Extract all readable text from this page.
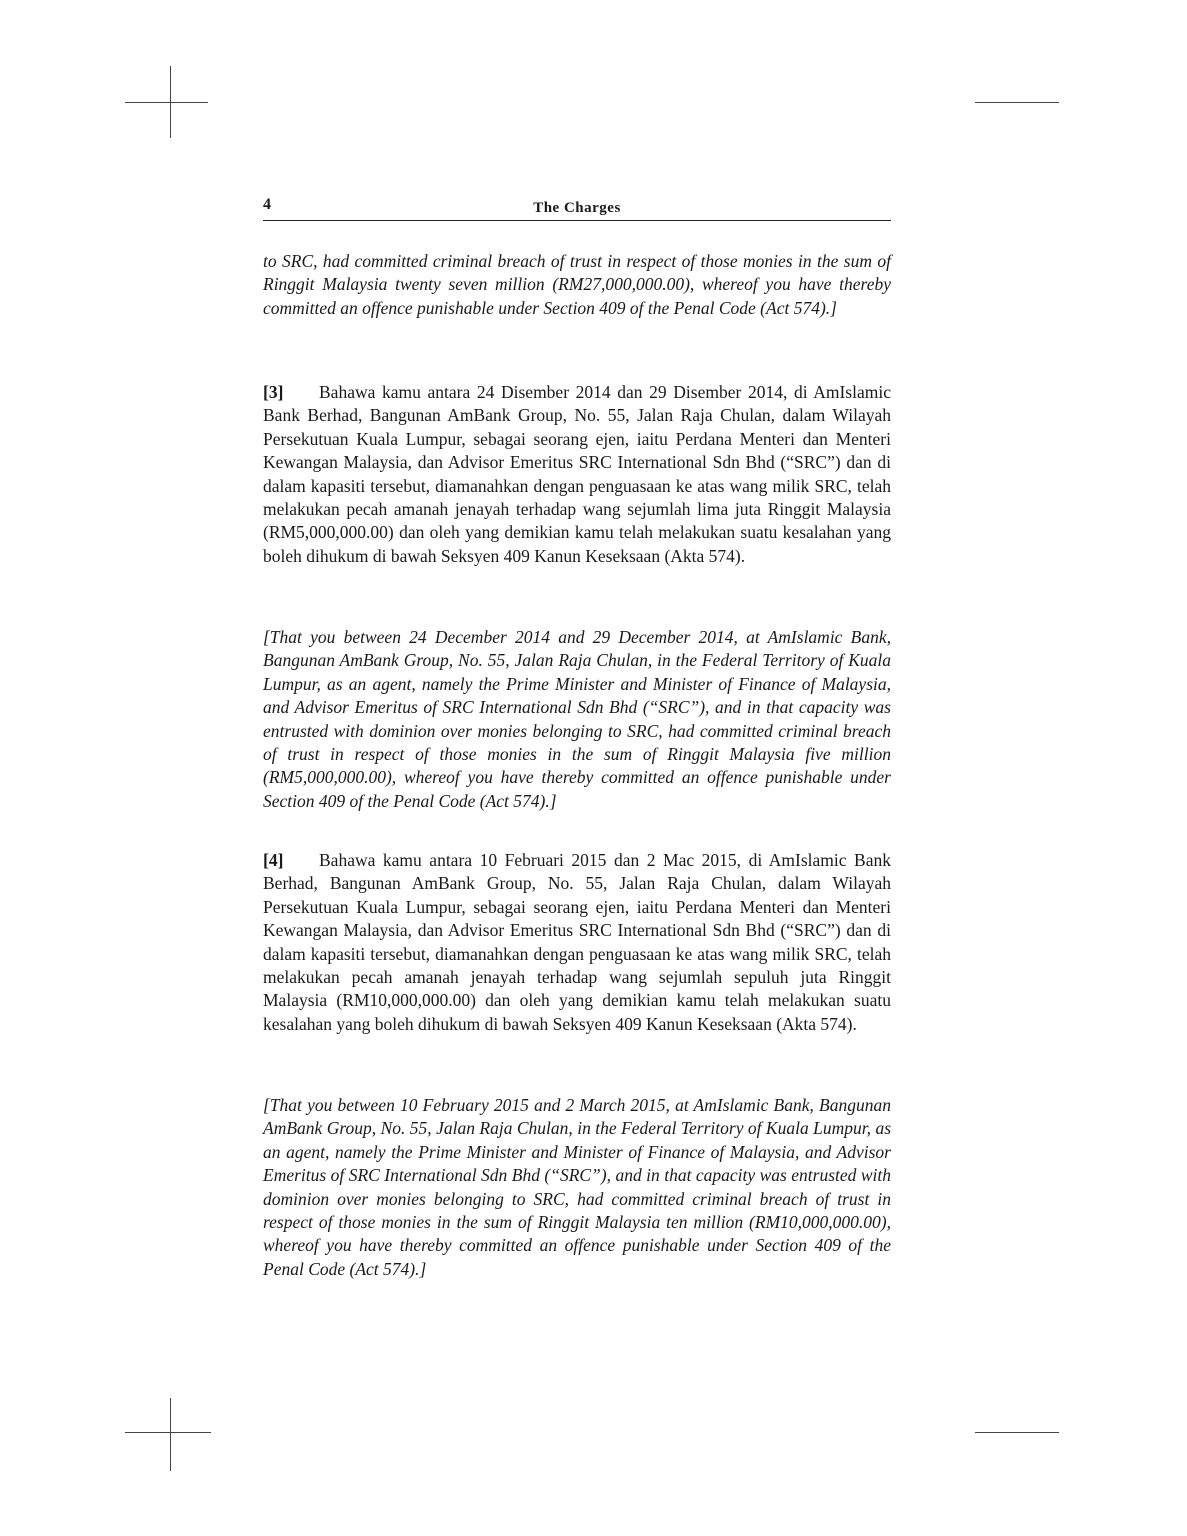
4	The Charges
to SRC, had committed criminal breach of trust in respect of those monies in the sum of Ringgit Malaysia twenty seven million (RM27,000,000.00), whereof you have thereby committed an offence punishable under Section 409 of the Penal Code (Act 574).]
[3] Bahawa kamu antara 24 Disember 2014 dan 29 Disember 2014, di AmIslamic Bank Berhad, Bangunan AmBank Group, No. 55, Jalan Raja Chulan, dalam Wilayah Persekutuan Kuala Lumpur, sebagai seorang ejen, iaitu Perdana Menteri dan Menteri Kewangan Malaysia, dan Advisor Emeritus SRC International Sdn Bhd (“SRC”) dan di dalam kapasiti tersebut, diamanahkan dengan penguasaan ke atas wang milik SRC, telah melakukan pecah amanah jenayah terhadap wang sejumlah lima juta Ringgit Malaysia (RM5,000,000.00) dan oleh yang demikian kamu telah melakukan suatu kesalahan yang boleh dihukum di bawah Seksyen 409 Kanun Keseksaan (Akta 574).
[That you between 24 December 2014 and 29 December 2014, at AmIslamic Bank, Bangunan AmBank Group, No. 55, Jalan Raja Chulan, in the Federal Territory of Kuala Lumpur, as an agent, namely the Prime Minister and Minister of Finance of Malaysia, and Advisor Emeritus of SRC International Sdn Bhd (“SRC”), and in that capacity was entrusted with dominion over monies belonging to SRC, had committed criminal breach of trust in respect of those monies in the sum of Ringgit Malaysia five million (RM5,000,000.00), whereof you have thereby committed an offence punishable under Section 409 of the Penal Code (Act 574).]
[4] Bahawa kamu antara 10 Februari 2015 dan 2 Mac 2015, di AmIslamic Bank Berhad, Bangunan AmBank Group, No. 55, Jalan Raja Chulan, dalam Wilayah Persekutuan Kuala Lumpur, sebagai seorang ejen, iaitu Perdana Menteri dan Menteri Kewangan Malaysia, dan Advisor Emeritus SRC International Sdn Bhd (“SRC”) dan di dalam kapasiti tersebut, diamanahkan dengan penguasaan ke atas wang milik SRC, telah melakukan pecah amanah jenayah terhadap wang sejumlah sepuluh juta Ringgit Malaysia (RM10,000,000.00) dan oleh yang demikian kamu telah melakukan suatu kesalahan yang boleh dihukum di bawah Seksyen 409 Kanun Keseksaan (Akta 574).
[That you between 10 February 2015 and 2 March 2015, at AmIslamic Bank, Bangunan AmBank Group, No. 55, Jalan Raja Chulan, in the Federal Territory of Kuala Lumpur, as an agent, namely the Prime Minister and Minister of Finance of Malaysia, and Advisor Emeritus of SRC International Sdn Bhd (“SRC”), and in that capacity was entrusted with dominion over monies belonging to SRC, had committed criminal breach of trust in respect of those monies in the sum of Ringgit Malaysia ten million (RM10,000,000.00), whereof you have thereby committed an offence punishable under Section 409 of the Penal Code (Act 574).]
